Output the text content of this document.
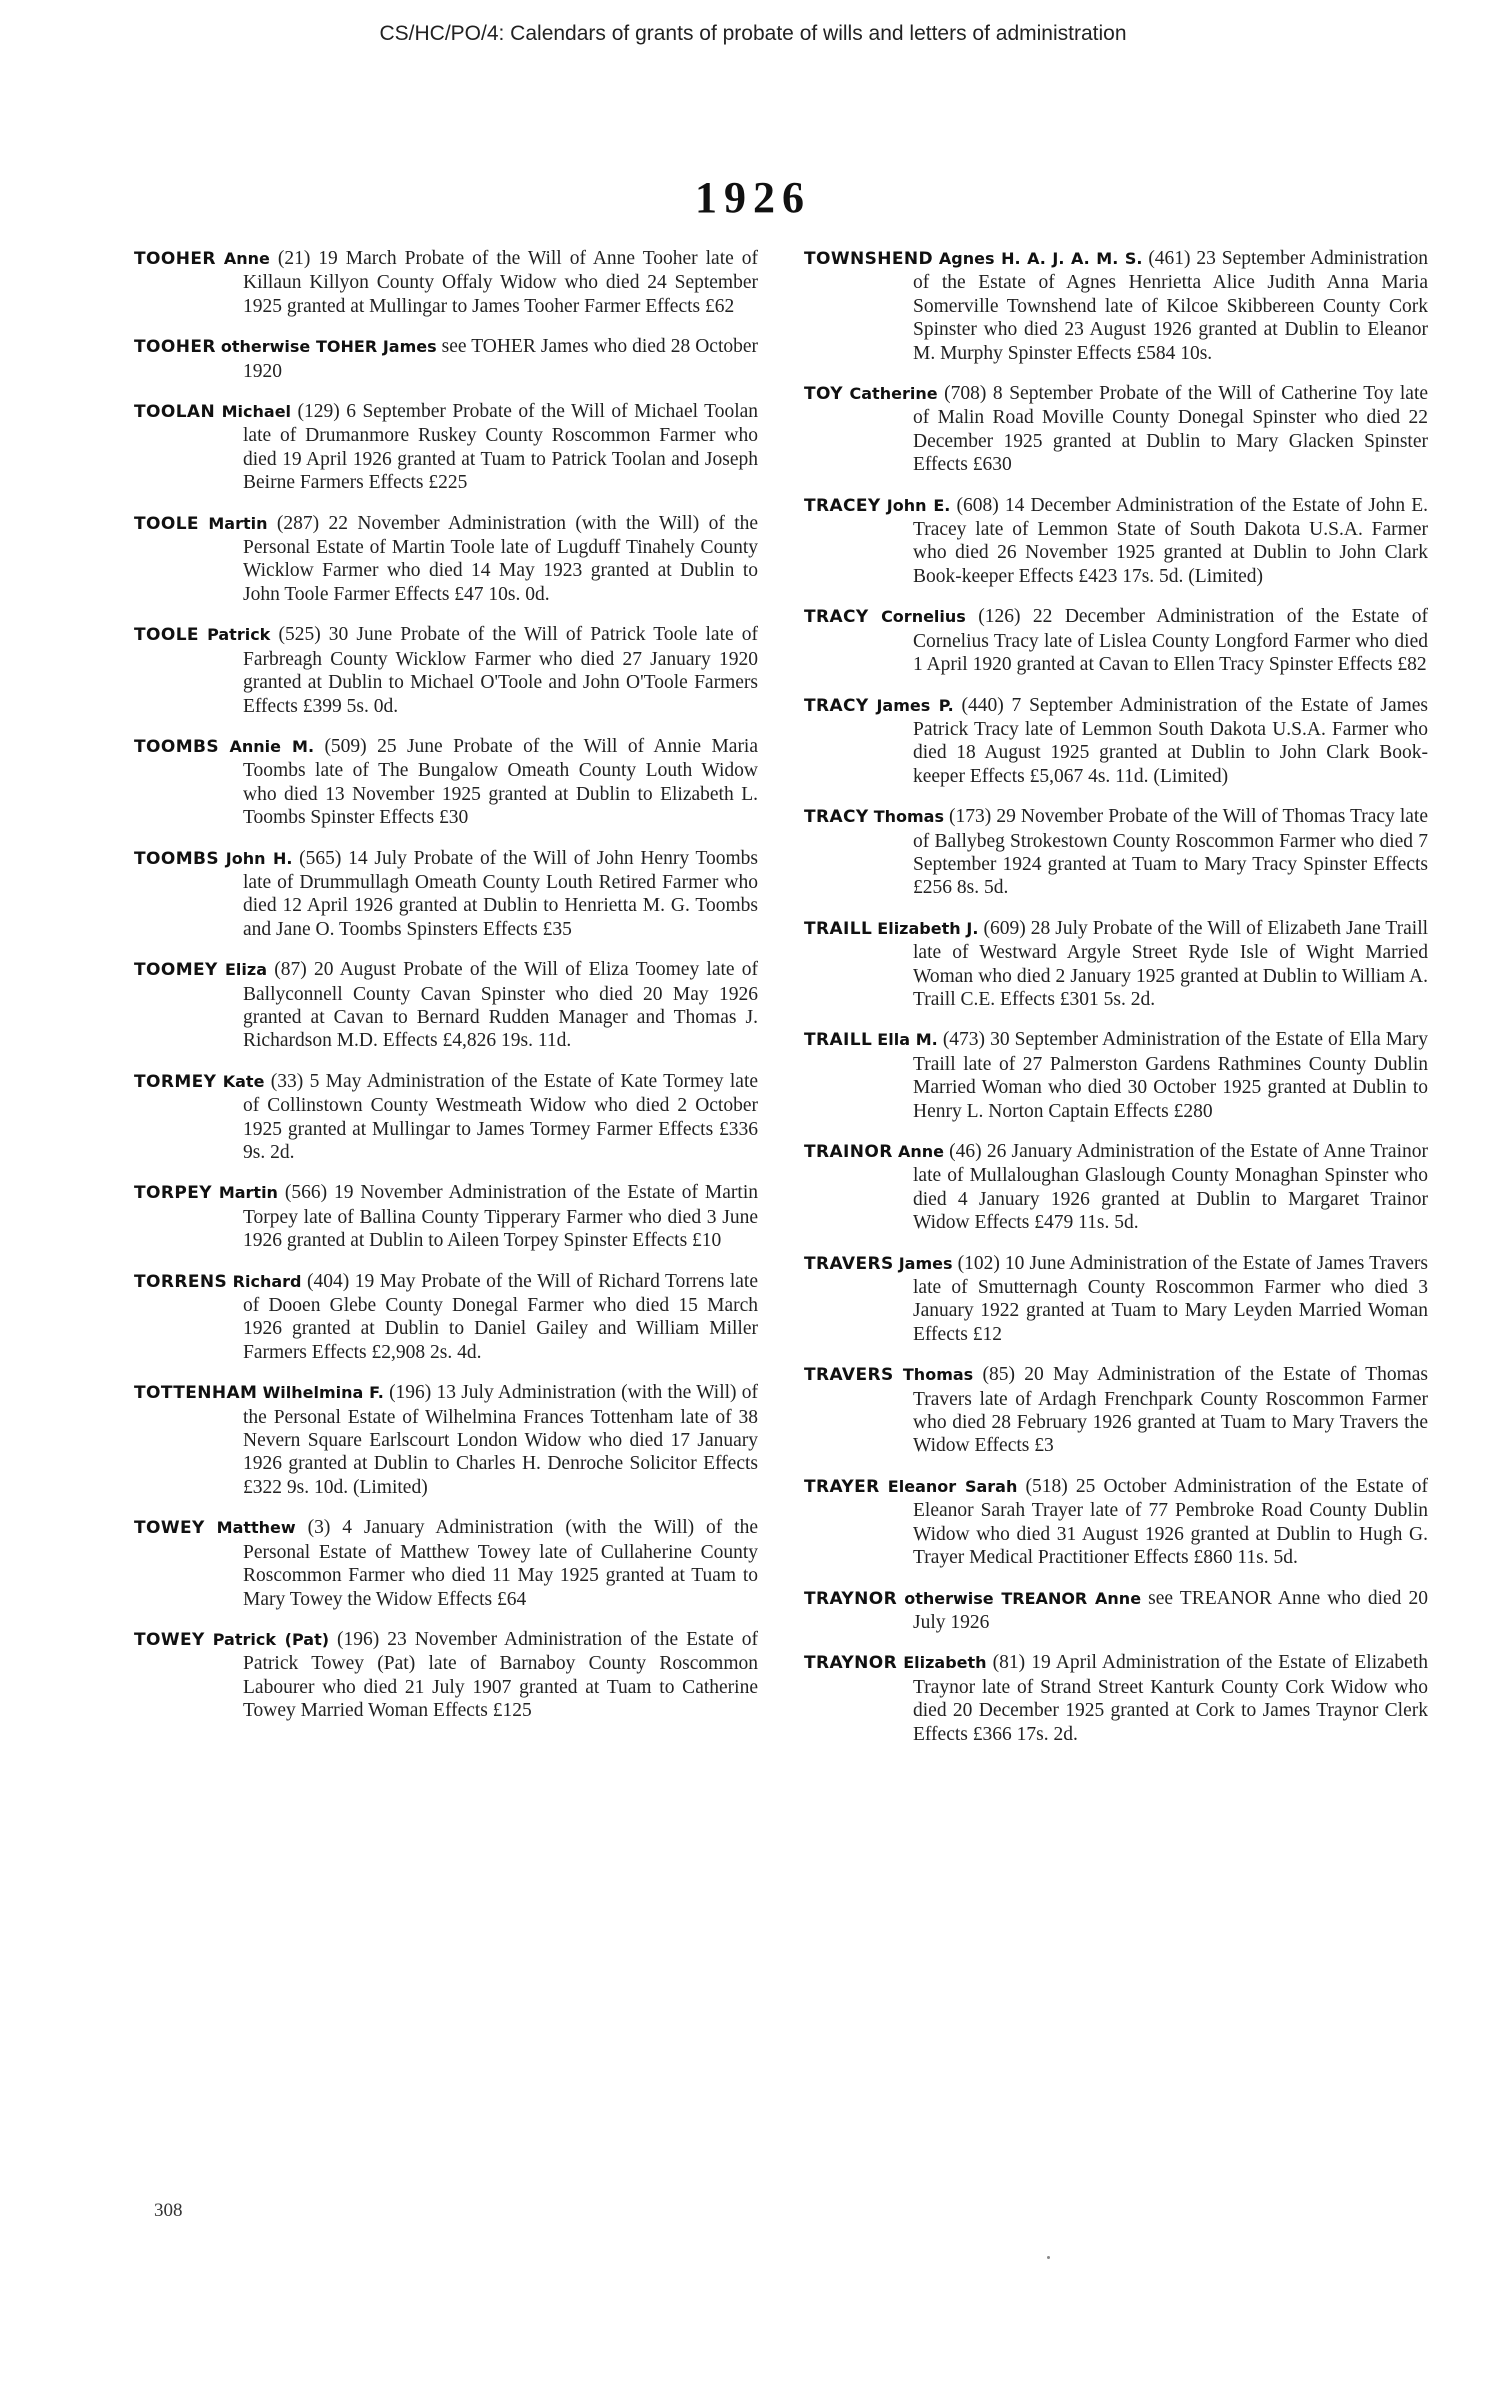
CS/HC/PO/4: Calendars of grants of probate of wills and letters of administration
1926
TOOHER Anne (21) 19 March Probate of the Will of Anne Tooher late of Killaun Killyon County Offaly Widow who died 24 September 1925 granted at Mullingar to James Tooher Farmer Effects £62
TOOHER otherwise TOHER James see TOHER James who died 28 October 1920
TOOLAN Michael (129) 6 September Probate of the Will of Michael Toolan late of Drumanmore Ruskey County Roscommon Farmer who died 19 April 1926 granted at Tuam to Patrick Toolan and Joseph Beirne Farmers Effects £225
TOOLE Martin (287) 22 November Administration (with the Will) of the Personal Estate of Martin Toole late of Lugduff Tinahely County Wicklow Farmer who died 14 May 1923 granted at Dublin to John Toole Farmer Effects £47 10s. 0d.
TOOLE Patrick (525) 30 June Probate of the Will of Patrick Toole late of Farbreagh County Wicklow Farmer who died 27 January 1920 granted at Dublin to Michael O'Toole and John O'Toole Farmers Effects £399 5s. 0d.
TOOMBS Annie M. (509) 25 June Probate of the Will of Annie Maria Toombs late of The Bungalow Omeath County Louth Widow who died 13 November 1925 granted at Dublin to Elizabeth L. Toombs Spinster Effects £30
TOOMBS John H. (565) 14 July Probate of the Will of John Henry Toombs late of Drummullagh Omeath County Louth Retired Farmer who died 12 April 1926 granted at Dublin to Henrietta M. G. Toombs and Jane O. Toombs Spinsters Effects £35
TOOMEY Eliza (87) 20 August Probate of the Will of Eliza Toomey late of Ballyconnell County Cavan Spinster who died 20 May 1926 granted at Cavan to Bernard Rudden Manager and Thomas J. Richardson M.D. Effects £4,826 19s. 11d.
TORMEY Kate (33) 5 May Administration of the Estate of Kate Tormey late of Collinstown County Westmeath Widow who died 2 October 1925 granted at Mullingar to James Tormey Farmer Effects £336 9s. 2d.
TORPEY Martin (566) 19 November Administration of the Estate of Martin Torpey late of Ballina County Tipperary Farmer who died 3 June 1926 granted at Dublin to Aileen Torpey Spinster Effects £10
TORRENS Richard (404) 19 May Probate of the Will of Richard Torrens late of Dooen Glebe County Donegal Farmer who died 15 March 1926 granted at Dublin to Daniel Gailey and William Miller Farmers Effects £2,908 2s. 4d.
TOTTENHAM Wilhelmina F. (196) 13 July Administration (with the Will) of the Personal Estate of Wilhelmina Frances Tottenham late of 38 Nevern Square Earlscourt London Widow who died 17 January 1926 granted at Dublin to Charles H. Denroche Solicitor Effects £322 9s. 10d. (Limited)
TOWEY Matthew (3) 4 January Administration (with the Will) of the Personal Estate of Matthew Towey late of Cullaherine County Roscommon Farmer who died 11 May 1925 granted at Tuam to Mary Towey the Widow Effects £64
TOWEY Patrick (Pat) (196) 23 November Administration of the Estate of Patrick Towey (Pat) late of Barnaboy County Roscommon Labourer who died 21 July 1907 granted at Tuam to Catherine Towey Married Woman Effects £125
TOWNSHEND Agnes H. A. J. A. M. S. (461) 23 September Administration of the Estate of Agnes Henrietta Alice Judith Anna Maria Somerville Townshend late of Kilcoe Skibbereen County Cork Spinster who died 23 August 1926 granted at Dublin to Eleanor M. Murphy Spinster Effects £584 10s.
TOY Catherine (708) 8 September Probate of the Will of Catherine Toy late of Malin Road Moville County Donegal Spinster who died 22 December 1925 granted at Dublin to Mary Glacken Spinster Effects £630
TRACEY John E. (608) 14 December Administration of the Estate of John E. Tracey late of Lemmon State of South Dakota U.S.A. Farmer who died 26 November 1925 granted at Dublin to John Clark Book-keeper Effects £423 17s. 5d. (Limited)
TRACY Cornelius (126) 22 December Administration of the Estate of Cornelius Tracy late of Lislea County Longford Farmer who died 1 April 1920 granted at Cavan to Ellen Tracy Spinster Effects £82
TRACY James P. (440) 7 September Administration of the Estate of James Patrick Tracy late of Lemmon South Dakota U.S.A. Farmer who died 18 August 1925 granted at Dublin to John Clark Book-keeper Effects £5,067 4s. 11d. (Limited)
TRACY Thomas (173) 29 November Probate of the Will of Thomas Tracy late of Ballybeg Strokestown County Roscommon Farmer who died 7 September 1924 granted at Tuam to Mary Tracy Spinster Effects £256 8s. 5d.
TRAILL Elizabeth J. (609) 28 July Probate of the Will of Elizabeth Jane Traill late of Westward Argyle Street Ryde Isle of Wight Married Woman who died 2 January 1925 granted at Dublin to William A. Traill C.E. Effects £301 5s. 2d.
TRAILL Ella M. (473) 30 September Administration of the Estate of Ella Mary Traill late of 27 Palmerston Gardens Rathmines County Dublin Married Woman who died 30 October 1925 granted at Dublin to Henry L. Norton Captain Effects £280
TRAINOR Anne (46) 26 January Administration of the Estate of Anne Trainor late of Mullaloughan Glaslough County Monaghan Spinster who died 4 January 1926 granted at Dublin to Margaret Trainor Widow Effects £479 11s. 5d.
TRAVERS James (102) 10 June Administration of the Estate of James Travers late of Smutternagh County Roscommon Farmer who died 3 January 1922 granted at Tuam to Mary Leyden Married Woman Effects £12
TRAVERS Thomas (85) 20 May Administration of the Estate of Thomas Travers late of Ardagh Frenchpark County Roscommon Farmer who died 28 February 1926 granted at Tuam to Mary Travers the Widow Effects £3
TRAYER Eleanor Sarah (518) 25 October Administration of the Estate of Eleanor Sarah Trayer late of 77 Pembroke Road County Dublin Widow who died 31 August 1926 granted at Dublin to Hugh G. Trayer Medical Practitioner Effects £860 11s. 5d.
TRAYNOR otherwise TREANOR Anne see TREANOR Anne who died 20 July 1926
TRAYNOR Elizabeth (81) 19 April Administration of the Estate of Elizabeth Traynor late of Strand Street Kanturk County Cork Widow who died 20 December 1925 granted at Cork to James Traynor Clerk Effects £366 17s. 2d.
308
